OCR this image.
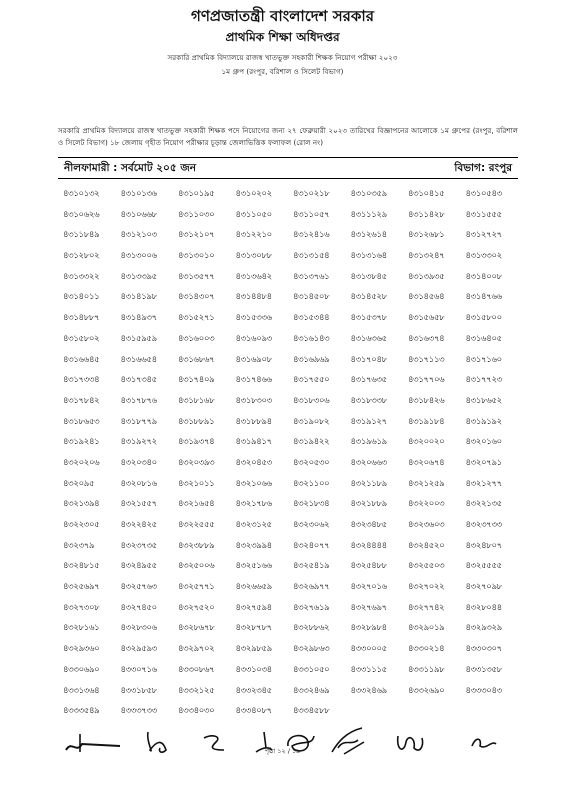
গণপ্রজাতন্ত্রী বাংলাদেশ সরকার
প্রাথমিক শিক্ষা অধিদপ্তর
সরকারি প্রাথমিক বিদ্যালয়ে রাজস্ব খাতভুক্ত সহকারী শিক্ষক নিয়োগ পরীক্ষা ২০২৩
১ম গ্রুপ (রংপুর, বরিশাল ও সিলেট বিভাগ)
সরকারি প্রাথমিক বিদ্যালয়ে রাজস্ব খাতভুক্ত সহকারী শিক্ষক পদে নিয়োগের জন্য ২৭ ফেব্রুয়ারী ২০২৩ তারিখের বিজ্ঞাপনের আলোকে ১ম গ্রুপের (রংপুর, বরিশাল ও সিলেট বিভাগ) ১৮ জেলায় গৃহীত নিয়োগ পরীক্ষার চূড়ান্ত জেলাভিত্তিক ফলাফল (রোল নং)
নীলফামারী : সর্বমোট ২০৫ জন	বিভাগ: রংপুর
৪৩১০১৩২	৪৩১০১৩৬	৪৩১০১৯৫	৪৩১০২০২	৪৩১০২১৮	৪৩১০৩৫৯	৪৩১০৪১৫	৪৩১০৫৪৩
৪৩১০৬২৬	৪৩১০৬৬৮	৪৩১১০৩০	৪৩১১০৫০	৪৩১১০৫৭	৪৩১১১২৯	৪৩১১৪২৮	৪৩১১৫৫৫
৪৩১১৮৪৯	৪৩১২১০৩	৪৩১২১০৭	৪৩১২২১০	৪৩১২৪১৬	৪৩১২৬১৪	৪৩১২৬৮১	৪৩১২৭২৭
৪৩১২৮০২	৪৩১৩০০৬	৪৩১৩০১০	৪৩১৩০৮৮	৪৩১৩১৫৪	৪৩১৩১৬৪	৪৩১৩২৪৭	৪৩১৩৩০২
৪৩১৩৩২২	৪৩১৩৩৯৫	৪৩১৩৫৭৭	৪৩১৩৬৪২	৪৩১৩৭৬১	৪৩১৩৮৪৫	৪৩১৩৯৩৫	৪৩১৪০০৮
৪৩১৪০১১	৪৩১৪১৯৮	৪৩১৪৩০৭	৪৩১৪৪৮৪	৪৩১৪৫০৮	৪৩১৪৫২৮	৪৩১৪৫৬৪	৪৩১৪৭৬৬
৪৩১৪৮৮৭	৪৩১৪৯৩৭	৪৩১৫২৭১	৪৩১৫৩৩৬	৪৩১৫৩৪৪	৪৩১৫৩৭৮	৪৩১৫৬৫৮	৪৩১৫৮০০
৪৩১৫৮০২	৪৩১৫৯৫৯	৪৩১৬০০৩	৪৩১৬০৯৩	৪৩১৬১৪৩	৪৩১৬৩৬৫	৪৩১৬৩৭৪	৪৩১৬৪০৫
৪৩১৬৬৪৫	৪৩১৬৬৫৪	৪৩১৬৮৬৭	৪৩১৬৯০৮	৪৩১৬৯৬৯	৪৩১৭০৪৮	৪৩১৭১১৩	৪৩১৭১৬০
৪৩১৭৩৩৪	৪৩১৭৩৪৫	৪৩১৭৪০৯	৪৩১৭৪৬৬	৪৩১৭৫৫০	৪৩১৭৬৩৫	৪৩১৭৭০৬	৪৩১৭৭২৩
৪৩১৭৮৪২	৪৩১৭৮৭৬	৪৩১৮১৬৮	৪৩১৮৩০৩	৪৩১৮৩০৬	৪৩১৮৩৩৮	৪৩১৮৪২৬	৪৩১৮৬৫২
৪৩১৮৬৫৩	৪৩১৮৭৭৯	৪৩১৮৮৯১	৪৩১৮৮৯৪	৪৩১৯০৮২	৪৩১৯১২৭	৪৩১৯১৮৪	৪৩১৯১৯২
৪৩১৯২৪১	৪৩১৯২৭২	৪৩১৯৩৭৪	৪৩১৯৪১৭	৪৩১৯৪২২	৪৩১৯৬১৯	৪৩২০০২০	৪৩২০১৬০
৪৩২০২০৬	৪৩২০৩৪০	৪৩২০৩৯৩	৪৩২০৪৫৩	৪৩২০৫৩০	৪৩২০৬৬৩	৪৩২০৬৭৪	৪৩২০৭৯১
৪৩২০৯৫	৪৩২০৮১৬	৪৩২১০১১	৪৩২১০৬৬	৪৩২১১০০	৪৩২১১৮৯	৪৩২১২৫৯	৪৩২১২৭৭
৪৩২১৩৯৪	৪৩২১৫৫৭	৪৩২১৬৫৪	৪৩২১৭৮৬	৪৩২১৮৩৪	৪৩২১৮৮৯	৪৩২২০০৩	৪৩২২১৩৫
৪৩২২৩০৫	৪৩২২৪২৫	৪৩২২৫৫৫	৪৩২৩১২৫	৪৩২৩০৬২	৪৩২৩৪৮৫	৪৩২৩৬০৩	৪৩২৩৭৩৩
৪৩২৩৭৯	৪৩২৩৭৩৫	৪৩২৩৮৮৯	৪৩২৩৯৯৪	৪৩২৪০৭৭	৪৩২৪৪৪৪	৪৩২৪৫২০	৪৩২৪৮০৭
৪৩২৪৮১৫	৪৩২৪৯৫৫	৪৩২৫০০৬	৪৩২৫১৬৬	৪৩২৫৪১৯	৪৩২৫৪৮৮	৪৩২৫৫০৩	৪৩২৫৫৫৫
৪৩২৫৬৯৭	৪৩২৫৭৬৩	৪৩২৫৭৭১	৪৩২৬৬৫৯	৪৩২৬৯৭৭	৪৩২৭০১৬	৪৩২৭০২২	৪৩২৭০৯৮
৪৩২৭৩০৮	৪৩২৭৪৫০	৪৩২৭৫২০	৪৩২৭৫৯৪	৪৩২৭৬১৯	৪৩২৭৬৯৭	৪৩২৭৭৪২	৪৩২৮০৪৪
৪৩২৮১৬১	৪৩২৮৩০৬	৪৩২৮৬৭৮	৪৩২৮৭৮৭	৪৩২৮৮৬২	৪৩২৮৯৮৪	৪৩২৯০১৯	৪৩২৯৩২৯
৪৩২৯৩৬০	৪৩২৯৫৯৩	৪৩২৯৭০২	৪৩২৯৮৫৯	৪৩২৯৮৬৩	৪৩৩০০০৫	৪৩৩০২১৪	৪৩৩০৩০৭
৪৩৩০৬৯০	৪৩৩০৭১৬	৪৩৩০৮৬৭	৪৩৩১০৩৪	৪৩৩১০৫০	৪৩৩১১১৫	৪৩৩১১৯৮	৪৩৩১৩৫৮
৪৩৩১৩৬৪	৪৩৩১৮৫৮	৪৩৩২১২৫	৪৩৩২৩৪৫	৪৩৩২৪৬৯	৪৩৩২৪৬৯	৪৩৩২৬৯০	৪৩৩৩০৪৩
৪৩৩৩৫৪৯	৪৩৩৩৭৩৩	৪৩৩৪০৩০	৪৩৩৪০৮৭	৪৩৩৪৫৮৮
পৃষ্ঠা ১২ / ১৯
